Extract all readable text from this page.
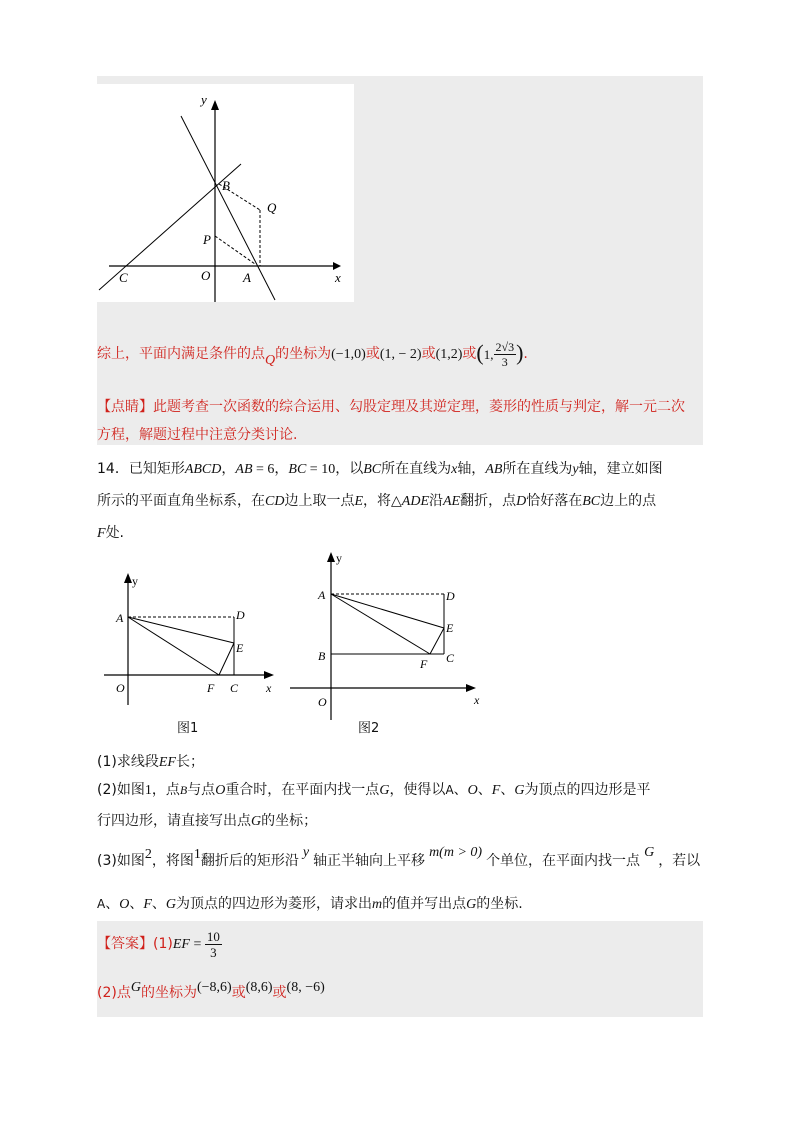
y
x
B
Q
P
O	A
C
综上，平面内满足条件的点Q的坐标为(−1,0)或(1, − 2)或(1,2)或(1, $\frac{2√3}{3}$ ).
【点睛】此题考查一次函数的综合运用、勾股定理及其逆定理，菱形的性质与判定，解一元二次
方程，解题过程中注意分类讨论.
14．已知矩形ABCD，AB = 6，BC = 10，以BC所在直线为x轴，AB所在直线为y轴，建立如图
所示的平面直角坐标系，在CD边上取一点E，将△ADE沿AE翻折，点D恰好落在BC边上的点
F处.
y
A	D
E
O	F C x
图1
y
A	D
E
B
F C
O	x
图2
(1)求线段EF长；
(2)如图1，点B与点O重合时，在平面内找一点G，使得以A、O、F、G为顶点的四边形是平
行四边形，请直接写出点G的坐标；
(3)如图2，将图1翻折后的矩形沿y轴正半轴向上平移m(m > 0)个单位，在平面内找一点G，若以
A、O、F、G为顶点的四边形为菱形，请求出m的值并写出点G的坐标.
【答案】$(1)EF = \frac{10}{3}$
(2)点G的坐标为(−8,6)或(8,6)或(8, −6)
